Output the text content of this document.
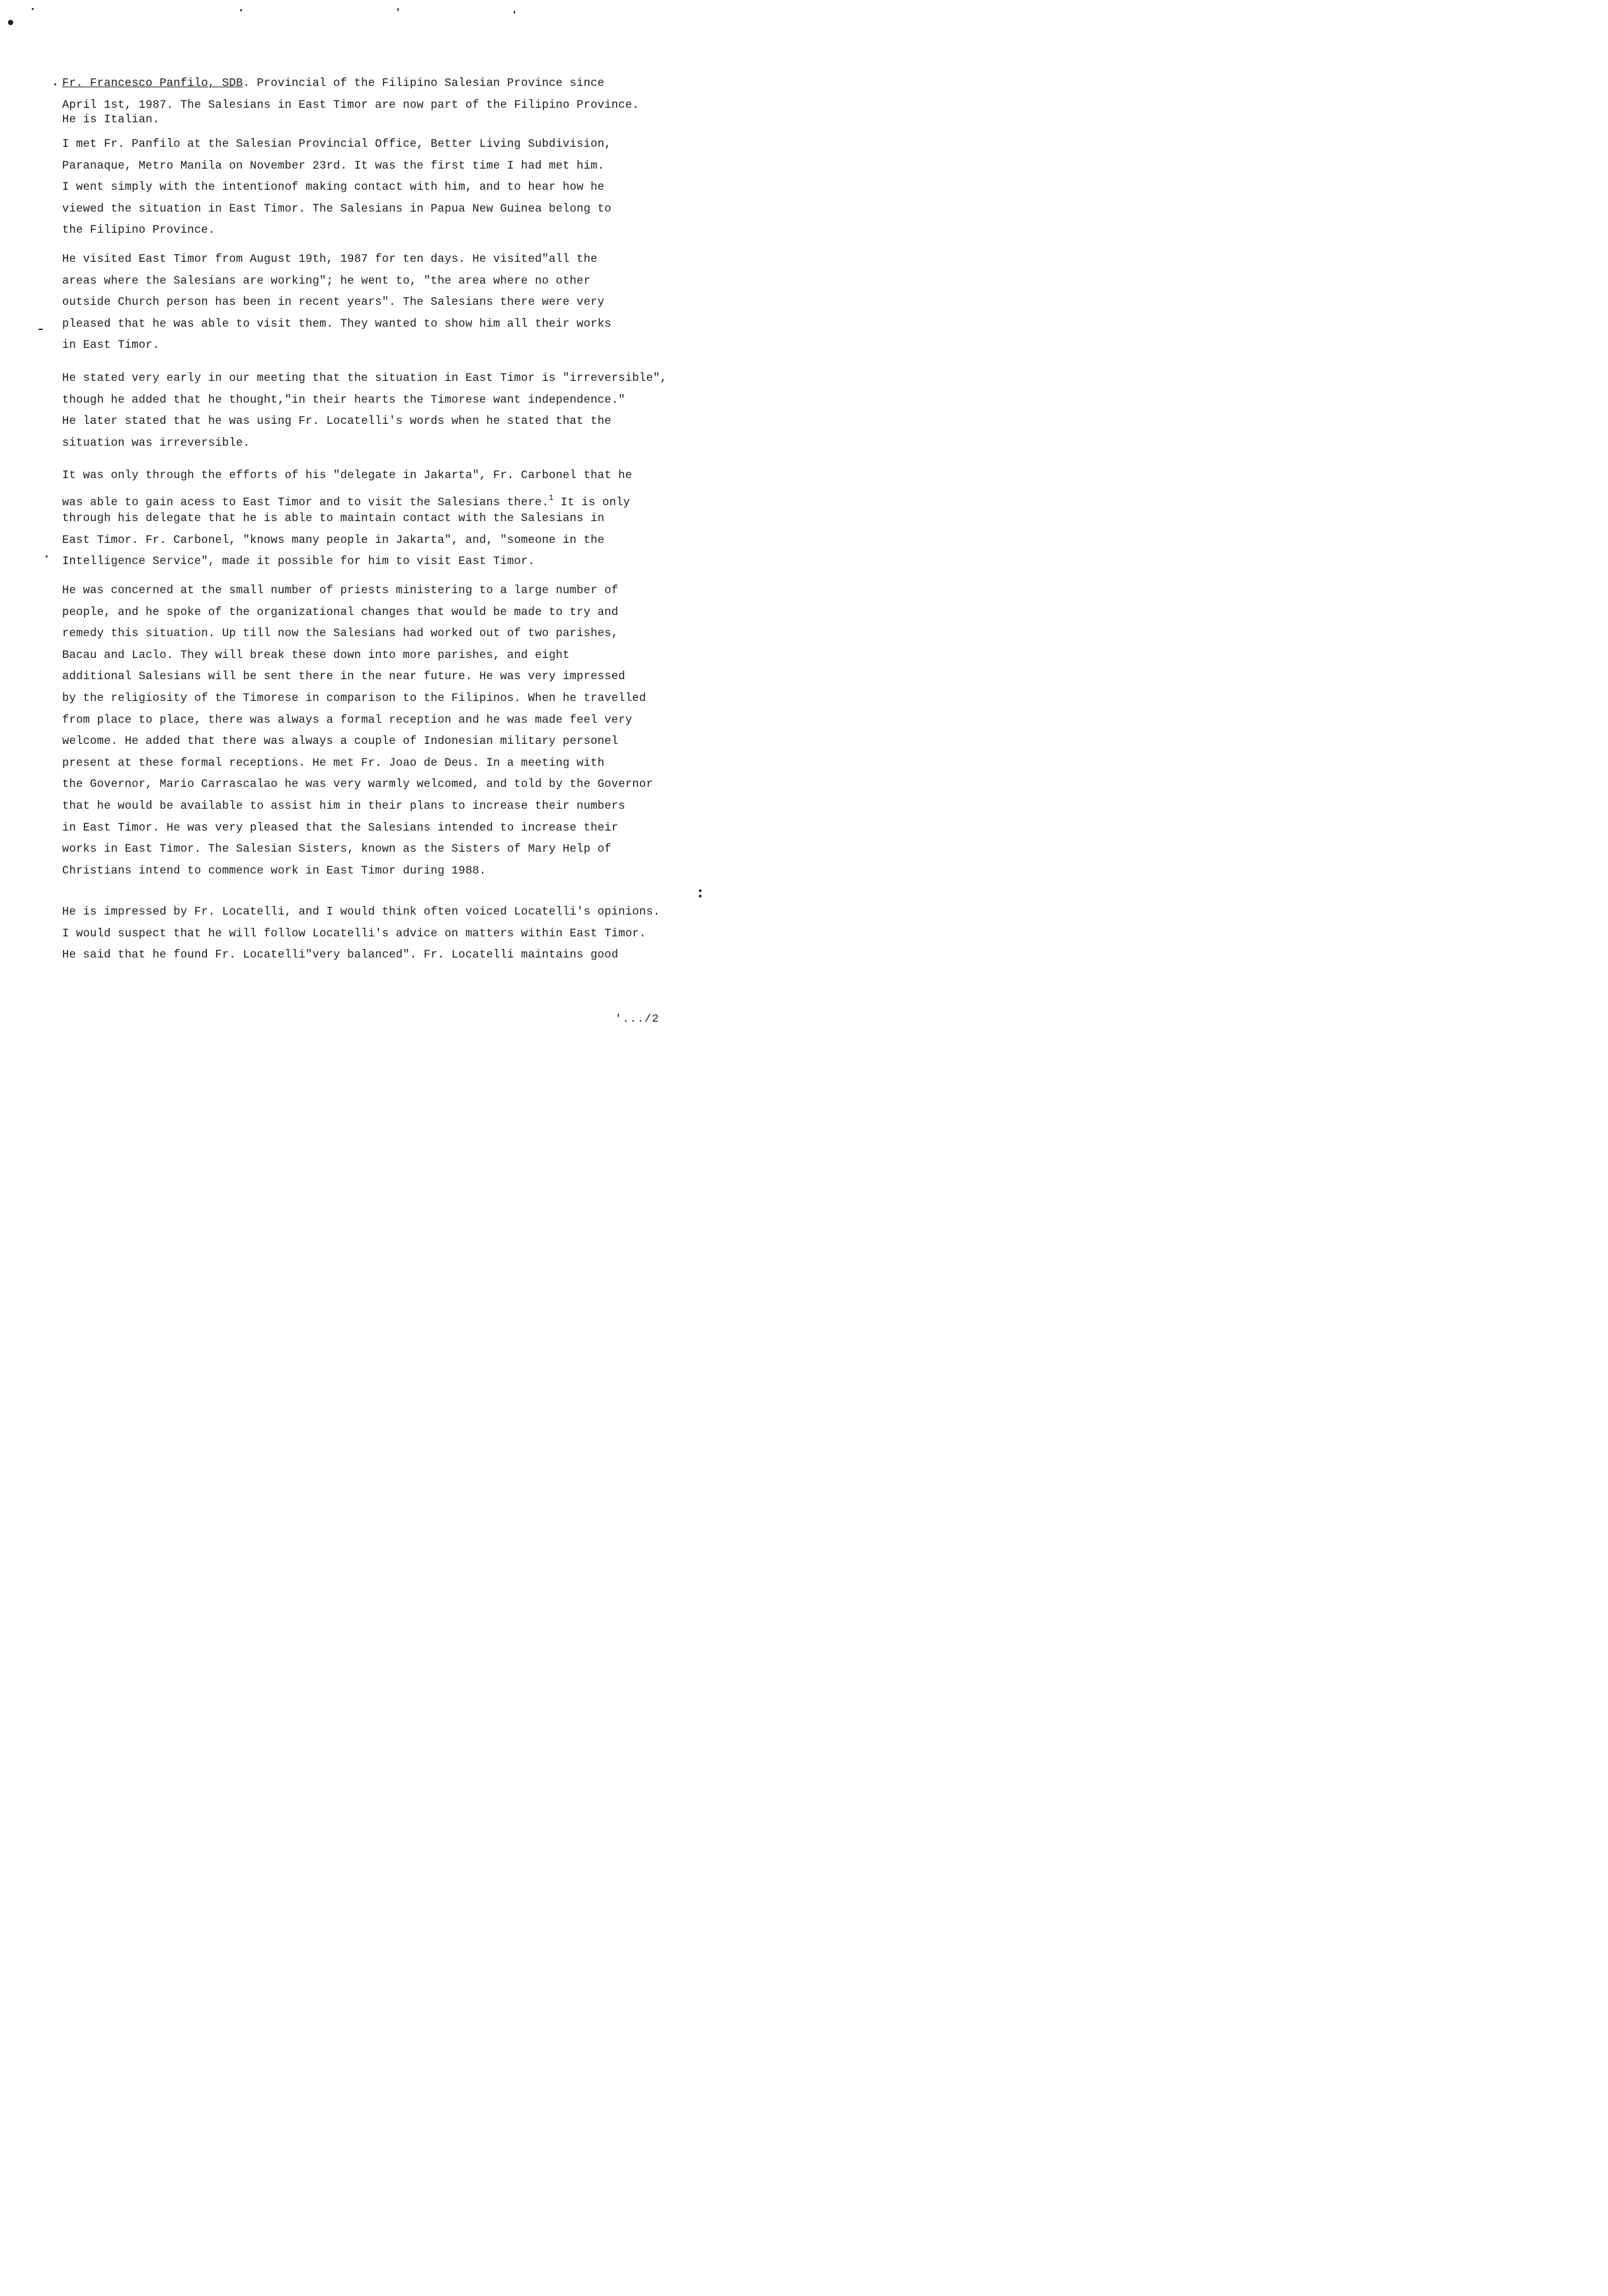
Fr. Francesco Panfilo, SDB. Provincial of the Filipino Salesian Province since
April 1st, 1987. The Salesians in East Timor are now part of the Filipino Province.
He is Italian.
I met Fr. Panfilo at the Salesian Provincial Office, Better Living Subdivision,
Paranaque, Metro Manila on November 23rd. It was the first time I had met him.
I went simply with the intentionof making contact with him, and to hear how he
viewed the situation in East Timor. The Salesians in Papua New Guinea belong to
the Filipino Province.
He visited East Timor from August 19th, 1987 for ten days. He visited"all the
areas where the Salesians are working"; he went to, "the area where no other
outside Church person has been in recent years". The Salesians there were very
pleased that he was able to visit them. They wanted to show him all their works
in East Timor.
He stated very early in our meeting that the situation in East Timor is "irreversible",
though he added that he thought,"in their hearts the Timorese want independence."
He later stated that he was using Fr. Locatelli's words when he stated that the
situation was irreversible.
It was only through the efforts of his "delegate in Jakarta", Fr. Carbonel that he
was able to gain acess to East Timor and to visit the Salesians there.$^1$ It is only
through his delegate that he is able to maintain contact with the Salesians in
East Timor. Fr. Carbonel, "knows many people in Jakarta", and, "someone in the
Intelligence Service", made it possible for him to visit East Timor.
He was concerned at the small number of priests ministering to a large number of
people, and he spoke of the organizational changes that would be made to try and
remedy this situation. Up till now the Salesians had worked out of two parishes,
Bacau and Laclo. They will break these down into more parishes, and eight
additional Salesians will be sent there in the near future. He was very impressed
by the religiosity of the Timorese in comparison to the Filipinos. When he travelled
from place to place, there was always a formal reception and he was made feel very
welcome. He added that there was always a couple of Indonesian military personel
present at these formal receptions. He met Fr. Joao de Deus. In a meeting with
the Governor, Mario Carrascalao he was very warmly welcomed, and told by the Governor
that he would be available to assist him in their plans to increase their numbers
in East Timor. He was very pleased that the Salesians intended to increase their
works in East Timor. The Salesian Sisters, known as the Sisters of Mary Help of
Christians intend to commence work in East Timor during 1988.
He is impressed by Fr. Locatelli, and I would think often voiced Locatelli's opinions.
I would suspect that he will follow Locatelli's advice on matters within East Timor.
He said that he found Fr. Locatelli"very balanced". Fr. Locatelli maintains good
'.../2
